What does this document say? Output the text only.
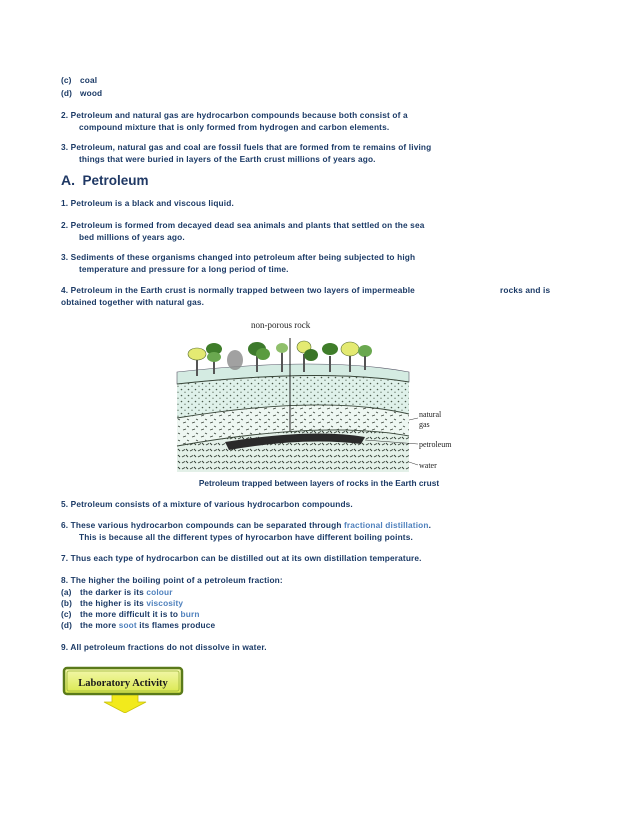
(c) coal
(d) wood
2. Petroleum and natural gas are hydrocarbon compounds because both consist of a
compound mixture that is only formed from hydrogen and carbon elements.
3. Petroleum, natural gas and coal are fossil fuels that are formed from te remains of living
things that were buried in layers of the Earth crust millions of years ago.
A. Petroleum
1. Petroleum is a black and viscous liquid.
2. Petroleum is formed from decayed dead sea animals and plants that settled on the sea
bed millions of years ago.
3. Sediments of these organisms changed into petroleum after being subjected to high
temperature and pressure for a long period of time.
4. Petroleum in the Earth crust is normally trapped between two layers of impermeable	rocks and is
obtained together with natural gas.
non-porous rock
natural
gas
petroleum
water
Petroleum trapped between layers of rocks in the Earth crust
5. Petroleum consists of a mixture of various hydrocarbon compounds.
6. These various hydrocarbon compounds can be separated through fractional distillation.
This is because all the different types of hyrocarbon have different boiling points.
7. Thus each type of hydrocarbon can be distilled out at its own distillation temperature.
8. The higher the boiling point of a petroleum fraction:
(a) the darker is its colour
(b) the higher is its viscosity
(c) the more difficult it is to burn
(d) the more soot its flames produce
9. All petroleum fractions do not dissolve in water.
Laboratory Activity
